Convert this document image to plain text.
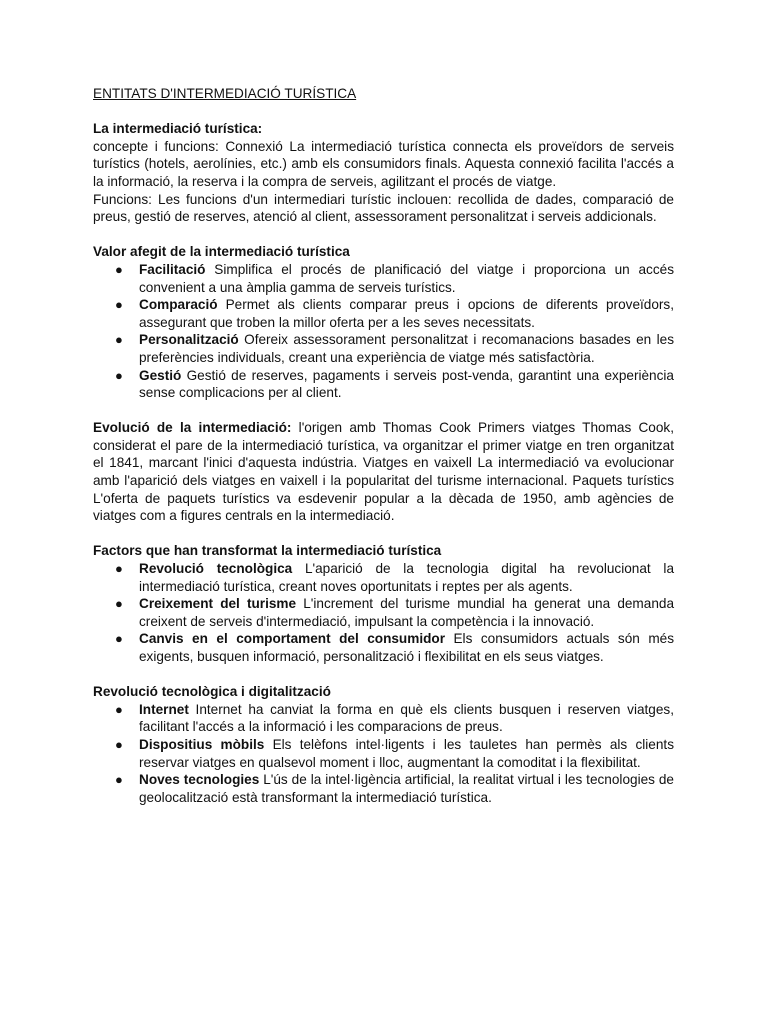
ENTITATS D'INTERMEDIACIÓ TURÍSTICA

La intermediació turística:

concepte i funcions: Connexió La intermediació turística connecta els proveïdors de serveis turístics (hotels, aerolínies, etc.) amb els consumidors finals. Aquesta connexió facilita l'accés a la informació, la reserva i la compra de serveis, agilitzant el procés de viatge.

Funcions: Les funcions d'un intermediari turístic inclouen: recollida de dades, comparació de preus, gestió de reserves, atenció al client, assessorament personalitzat i serveis addicionals.

Valor afegit de la intermediació turística

● Facilitació Simplifica el procés de planificació del viatge i proporciona un accés convenient a una àmplia gamma de serveis turístics.
● Comparació Permet als clients comparar preus i opcions de diferents proveïdors, assegurant que troben la millor oferta per a les seves necessitats.
● Personalització Ofereix assessorament personalitzat i recomanacions basades en les preferències individuals, creant una experiència de viatge més satisfactòria.
● Gestió Gestió de reserves, pagaments i serveis post-venda, garantint una experiència sense complicacions per al client.

Evolució de la intermediació: l'origen amb Thomas Cook Primers viatges Thomas Cook, considerat el pare de la intermediació turística, va organitzar el primer viatge en tren organitzat el 1841, marcant l'inici d'aquesta indústria. Viatges en vaixell La intermediació va evolucionar amb l'aparició dels viatges en vaixell i la popularitat del turisme internacional. Paquets turístics L'oferta de paquets turístics va esdevenir popular a la dècada de 1950, amb agències de viatges com a figures centrals en la intermediació.

Factors que han transformat la intermediació turística

● Revolució tecnològica L'aparició de la tecnologia digital ha revolucionat la intermediació turística, creant noves oportunitats i reptes per als agents.
● Creixement del turisme L'increment del turisme mundial ha generat una demanda creixent de serveis d'intermediació, impulsant la competència i la innovació.
● Canvis en el comportament del consumidor Els consumidors actuals són més exigents, busquen informació, personalització i flexibilitat en els seus viatges.

Revolució tecnològica i digitalització

● Internet Internet ha canviat la forma en què els clients busquen i reserven viatges, facilitant l'accés a la informació i les comparacions de preus.
● Dispositius mòbils Els telèfons intel·ligents i les tauletes han permès als clients reservar viatges en qualsevol moment i lloc, augmentant la comoditat i la flexibilitat.
● Noves tecnologies L'ús de la intel·ligència artificial, la realitat virtual i les tecnologies de geolocalització està transformant la intermediació turística.
